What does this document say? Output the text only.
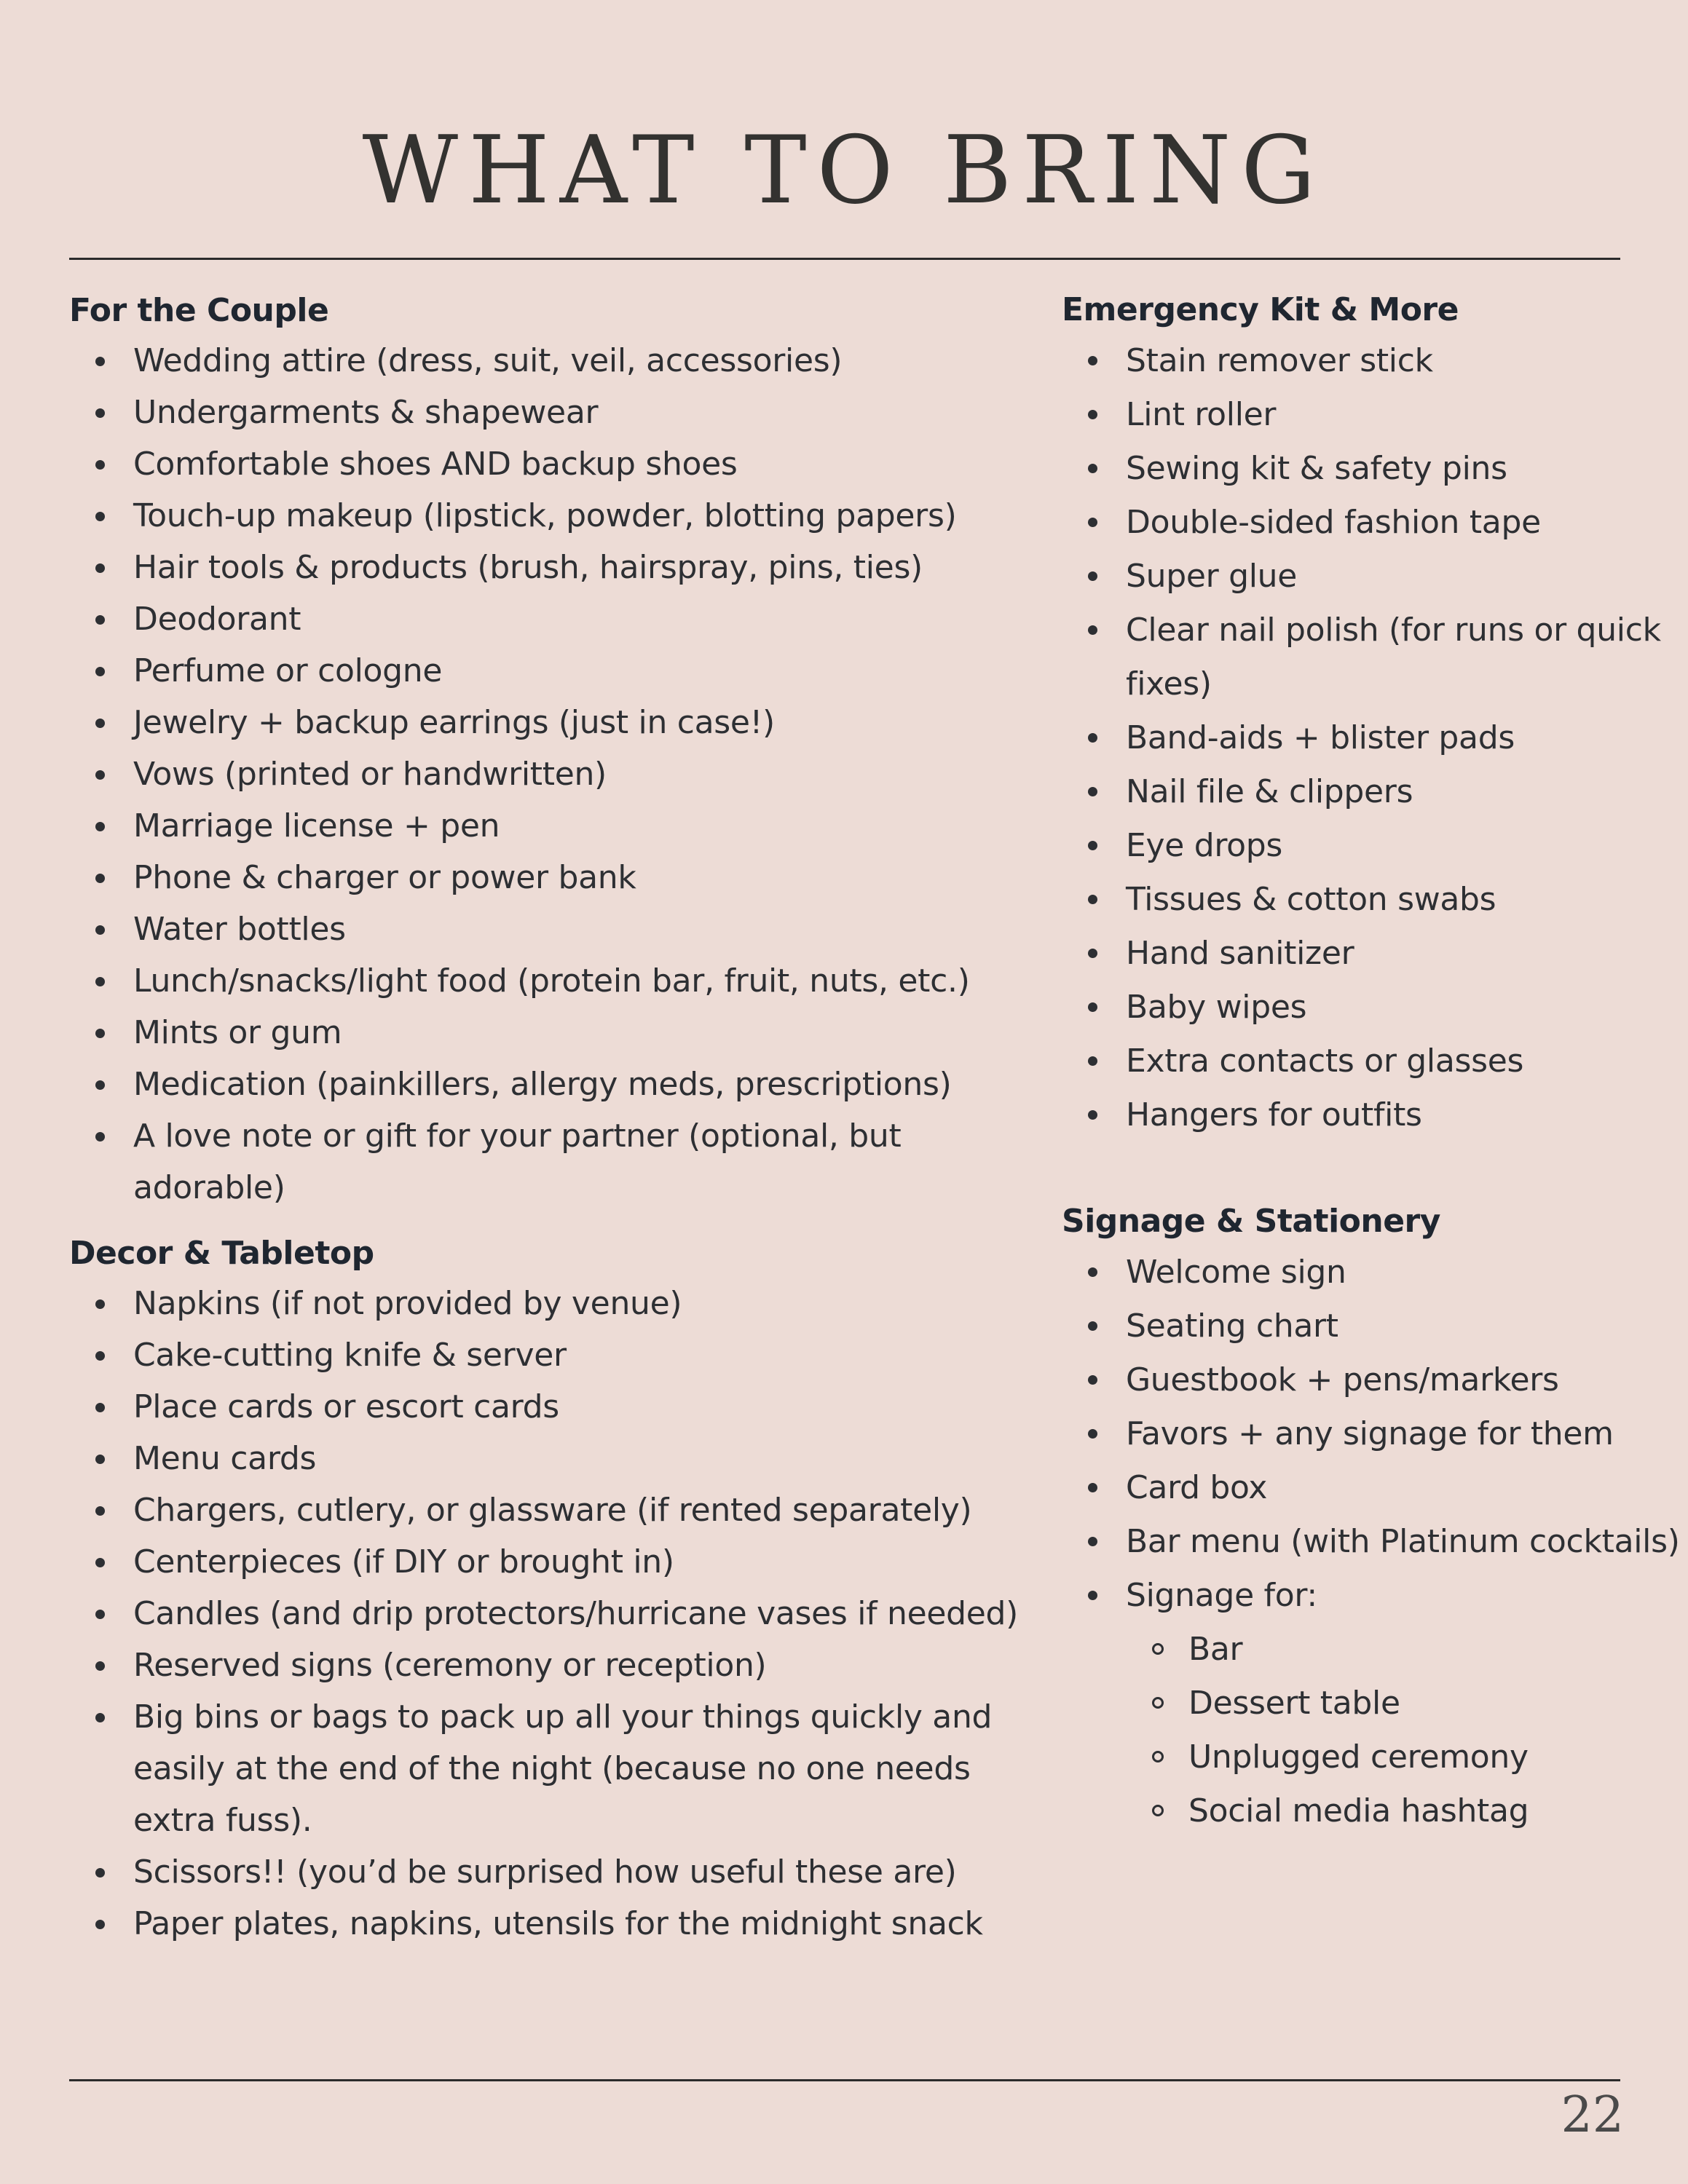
WHAT TO BRING
For the Couple
Wedding attire (dress, suit, veil, accessories)
Undergarments & shapewear
Comfortable shoes AND backup shoes
Touch-up makeup (lipstick, powder, blotting papers)
Hair tools & products (brush, hairspray, pins, ties)
Deodorant
Perfume or cologne
Jewelry + backup earrings (just in case!)
Vows (printed or handwritten)
Marriage license + pen
Phone & charger or power bank
Water bottles
Lunch/snacks/light food (protein bar, fruit, nuts, etc.)
Mints or gum
Medication (painkillers, allergy meds, prescriptions)
A love note or gift for your partner (optional, but adorable)
Decor & Tabletop
Napkins (if not provided by venue)
Cake-cutting knife & server
Place cards or escort cards
Menu cards
Chargers, cutlery, or glassware (if rented separately)
Centerpieces (if DIY or brought in)
Candles (and drip protectors/hurricane vases if needed)
Reserved signs (ceremony or reception)
Big bins or bags to pack up all your things quickly and easily at the end of the night (because no one needs extra fuss).
Scissors!! (you’d be surprised how useful these are)
Paper plates, napkins, utensils for the midnight snack
Emergency Kit & More
Stain remover stick
Lint roller
Sewing kit & safety pins
Double-sided fashion tape
Super glue
Clear nail polish (for runs or quick fixes)
Band-aids + blister pads
Nail file & clippers
Eye drops
Tissues & cotton swabs
Hand sanitizer
Baby wipes
Extra contacts or glasses
Hangers for outfits
Signage & Stationery
Welcome sign
Seating chart
Guestbook + pens/markers
Favors + any signage for them
Card box
Bar menu (with Platinum cocktails)
Signage for:
Bar
Dessert table
Unplugged ceremony
Social media hashtag
22
